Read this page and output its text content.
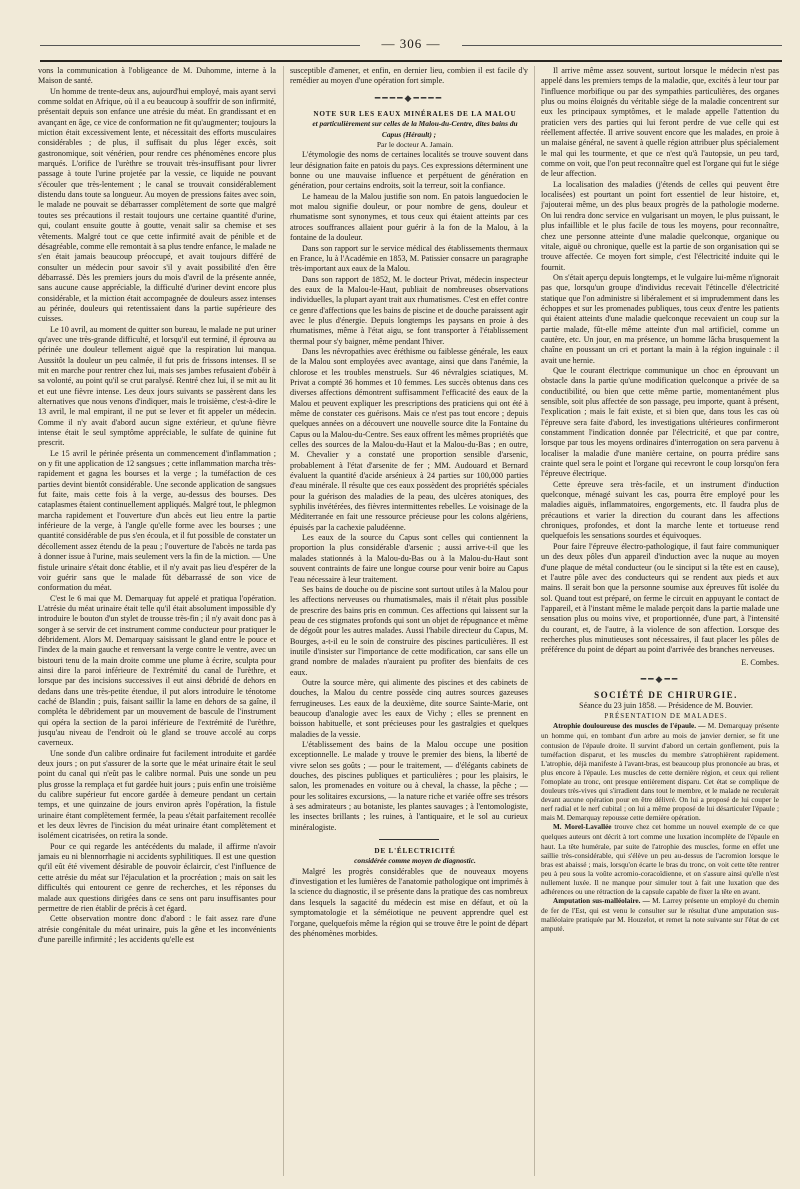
— 306 —

vons la communication à l'obligeance de M. Duhomme, interne à la Maison de santé.

Un homme de trente-deux ans, aujourd'hui employé, mais ayant servi comme soldat en Afrique, où il a eu beaucoup à souffrir de son infirmité, présentait depuis son enfance une atrésie du méat. En grandissant et en avançant en âge, ce vice de conformation ne fit qu'augmenter; toujours la miction était excessivement lente, et nécessitait des efforts musculaires considérables ; de plus, il suffisait du plus léger excès, soit gastronomique, soit vénérien, pour rendre ces phénomènes encore plus marqués. L'orifice de l'urèthre se trouvait très-insuffisant pour livrer passage à toute l'urine projetée par la vessie, ce liquide ne pouvant s'écouler que très-lentement ; le canal se trouvait considérablement distendu dans toute sa longueur. Au moyen de pressions faites avec soin, le malade ne pouvait se débarrasser complètement de sorte que malgré toutes ses précautions il restait toujours une certaine quantité d'urine, qui, coulant ensuite goutte à goutte, venait salir sa chemise et ses vêtements. Malgré tout ce que cette infirmité avait de pénible et de désagréable, comme elle remontait à sa plus tendre enfance, le malade ne s'en était jamais beaucoup préoccupé, et avait toujours différé de consulter un médecin pour savoir s'il y avait possibilité d'en être débarrassé. Dès les premiers jours du mois d'avril de la présente année, sans aucune cause appréciable, la difficulté d'uriner devint encore plus considérable, et la miction était accompagnée de douleurs assez intenses au périnée, douleurs qui retentissaient dans la partie supérieure des cuisses.

Le 10 avril, au moment de quitter son bureau, le malade ne put uriner qu'avec une très-grande difficulté, et lorsqu'il eut terminé, il éprouva au périnée une douleur tellement aiguë que la respiration lui manqua. Aussitôt la douleur un peu calmée, il fut pris de frissons intenses. Il se mit en marche pour rentrer chez lui, mais ses jambes refusaient d'obéir à sa volonté, au point qu'il se crut paralysé. Rentré chez lui, il se mit au lit et eut une fièvre intense. Les deux jours suivants se passèrent dans les alternatives que nous venons d'indiquer, mais le troisième, c'est-à-dire le 13 avril, le mal empirant, il ne put se lever et fit appeler un médecin. Comme il n'y avait d'abord aucun signe extérieur, et qu'une fièvre intense était le seul symptôme appréciable, le sulfate de quinine fut prescrit.

Le 15 avril le périnée présenta un commencement d'inflammation ; on y fit une application de 12 sangsues ; cette inflammation marcha très-rapidement et gagna les bourses et la verge ; la tuméfaction de ces parties devint bientôt considérable. Une seconde application de sangsues fut faite, mais cette fois à la verge, au-dessus des bourses. Des cataplasmes étaient continuellement appliqués. Malgré tout, le phlegmon marcha rapidement et l'ouverture d'un abcès eut lieu entre la partie inférieure de la verge, à l'angle qu'elle forme avec les bourses ; une quantité considérable de pus s'en écoula, et il fut possible de constater un décollement assez étendu de la peau ; l'ouverture de l'abcès ne tarda pas à donner issue à l'urine, mais seulement vers la fin de la miction. — Une fistule urinaire s'était donc établie, et il n'y avait pas lieu d'espérer de la voir guérir sans que le malade fût débarrassé de son vice de conformation du méat.

C'est le 6 mai que M. Demarquay fut appelé et pratiqua l'opération. L'atrésie du méat urinaire était telle qu'il était absolument impossible d'y introduire le bouton d'un stylet de trousse très-fin ; il n'y avait donc pas à songer à se servir de cet instrument comme conducteur pour pratiquer le débridement. Alors M. Demarquay saisissant le gland entre le pouce et l'index de la main gauche et renversant la verge contre le ventre, avec un bistouri tenu de la main droite comme une plume à écrire, sculpta pour ainsi dire la paroi inférieure de l'extrémité du canal de l'urèthre, et lorsque par des incisions successives il eut ainsi débridé de dehors en dedans dans une très-petite étendue, il put alors introduire le ténotome caché de Blandin ; puis, faisant saillir la lame en dehors de sa gaîne, il compléta le débridement par un mouvement de bascule de l'instrument qui opéra la section de la paroi inférieure de l'extrémité de l'urèthre, jusqu'au niveau de l'endroit où le gland se trouve accolé au corps caverneux.

Une sonde d'un calibre ordinaire fut facilement introduite et gardée deux jours ; on put s'assurer de la sorte que le méat urinaire était le seul point du canal qui n'eût pas le calibre normal. Puis une sonde un peu plus grosse la remplaça et fut gardée huit jours ; puis enfin une troisième du calibre supérieur fut encore gardée à demeure pendant un certain temps, et une quinzaine de jours environ après l'opération, la fistule urinaire étant complètement fermée, la peau s'était parfaitement recollée et les deux lèvres de l'incision du méat urinaire étant complètement et isolément cicatrisées, on retira la sonde.

Pour ce qui regarde les antécédents du malade, il affirme n'avoir jamais eu ni blennorrhagie ni accidents syphilitiques. Il est une question qu'il eût été vivement désirable de pouvoir éclaircir, c'est l'influence de cette atrésie du méat sur l'éjaculation et la procréation ; mais on sait les difficultés qui entourent ce genre de recherches, et les réponses du malade aux questions dirigées dans ce sens ont paru insuffisantes pour permettre de rien établir de précis à cet égard.

Cette observation montre donc d'abord : le fait assez rare d'une atrésie congénitale du méat urinaire, puis la gêne et les inconvénients d'une pareille infirmité ; les accidents qu'elle est

susceptible d'amener, et enfin, en dernier lieu, combien il est facile d'y remédier au moyen d'une opération fort simple.

━━━━◆━━━━

NOTE SUR LES EAUX MINÉRALES DE LA MALOU

et particulièrement sur celles de la Malou-du-Centre, dites bains du Capus (Hérault) ;

Par le docteur A. Jamain.

L'étymologie des noms de certaines localités se trouve souvent dans leur désignation faite en patois du pays. Ces expressions déterminent une bonne ou une mauvaise influence et perpétuent de génération en génération, pour certains endroits, soit la terreur, soit la confiance.

Le hameau de la Malou justifie son nom. En patois languedocien le mot malou signifie douleur, or pour nombre de gens, douleur et rhumatisme sont synonymes, et tous ceux qui étaient atteints par ces atroces souffrances allaient pour guérir à la fon de la Malou, à la fontaine de la douleur.

Dans son rapport sur le service médical des établissements thermaux en France, lu à l'Académie en 1853, M. Patissier consacre un paragraphe très-important aux eaux de la Malou.

Dans son rapport de 1852, M. le docteur Privat, médecin inspecteur des eaux de la Malou-le-Haut, publiait de nombreuses observations individuelles, la plupart ayant trait aux rhumatismes. C'est en effet contre ce genre d'affections que les bains de piscine et de douche paraissent agir avec le plus d'énergie. Depuis longtemps les paysans en proie à des rhumatismes, même à l'état aigu, se font transporter à l'établissement thermal pour s'y baigner, même pendant l'hiver.

Dans les névropathies avec éréthisme ou faiblesse générale, les eaux de la Malou sont employées avec avantage, ainsi que dans l'anémie, la chlorose et les troubles menstruels. Sur 46 névralgies sciatiques, M. Privat a compté 36 hommes et 10 femmes. Les succès obtenus dans ces diverses affections démontrent suffisamment l'efficacité des eaux de la Malou et peuvent expliquer les prescriptions des praticiens qui ont été à même de constater ces guérisons. Mais ce n'est pas tout encore ; depuis quelques années on a découvert une nouvelle source dite la Fontaine du Capus ou la Malou-du-Centre. Ses eaux offrent les mêmes propriétés que celles des sources de la Malou-du-Haut et la Malou-du-Bas ; en outre, M. Chevalier y a constaté une proportion sensible d'arsenic, probablement à l'état d'arsenite de fer ; MM. Audouard et Bernard évaluent la quantité d'acide arsénieux à 24 parties sur 100,000 parties d'eau minérale. Il résulte que ces eaux possèdent des propriétés spéciales pour la guérison des maladies de la peau, des ulcères atoniques, des syphilis invétérées, des fièvres intermittentes rebelles. Le voisinage de la Méditerranée en fait une ressource précieuse pour les colons algériens, épuisés par la cachexie paludéenne.

Les eaux de la source du Capus sont celles qui contiennent la proportion la plus considérable d'arsenic ; aussi arrive-t-il que les malades stationnés à la Malou-du-Bas ou à la Malou-du-Haut sont souvent contraints de faire une longue course pour venir boire au Capus l'eau nécessaire à leur traitement.

Ses bains de douche ou de piscine sont surtout utiles à la Malou pour les affections nerveuses ou rhumatismales, mais il n'était plus possible de prescrire des bains pris en commun. Ces affections qui laissent sur la peau de ces stigmates profonds qui sont un objet de répugnance et même de dégoût pour les autres malades. Aussi l'habile directeur du Capus, M. Bourges, a-t-il eu le soin de construire des piscines particulières. Il est inutile d'insister sur l'importance de cette modification, car sans elle un grand nombre de malades n'auraient pu profiter des bienfaits de ces eaux.

Outre la source mère, qui alimente des piscines et des cabinets de douches, la Malou du centre possède cinq autres sources gazeuses ferrugineuses. Les eaux de la deuxième, dite source Sainte-Marie, ont beaucoup d'analogie avec les eaux de Vichy ; elles se prennent en boisson habituelle, et sont précieuses pour les gastralgies et quelques maladies de la vessie.

L'établissement des bains de la Malou occupe une position exceptionnelle. Le malade y trouve le premier des biens, la liberté de vivre selon ses goûts ; — pour le traitement, — d'élégants cabinets de douches, des piscines publiques et particulières ; pour les plaisirs, le salon, les promenades en voiture ou à cheval, la chasse, la pêche ; — pour les solitaires excursions, — la nature riche et variée offre ses trésors à ses admirateurs ; au botaniste, les plantes sauvages ; à l'entomologiste, les insectes brillants ; les ruines, à l'antiquaire, et le sol au curieux minéralogiste.

DE L'ÉLECTRICITÉ

considérée comme moyen de diagnostic.

Malgré les progrès considérables que de nouveaux moyens d'investigation et les lumières de l'anatomie pathologique ont imprimés à la science du diagnostic, il se présente dans la pratique des cas nombreux dans lesquels la sagacité du médecin est mise en défaut, et où la symptomatologie et la séméiotique ne peuvent apprendre quel est l'organe, quelquefois même la région qui se trouve être le point de départ des phénomènes morbides.

Il arrive même assez souvent, surtout lorsque le médecin n'est pas appelé dans les premiers temps de la maladie, que, excités à leur tour par l'influence morbifique ou par des sympathies particulières, des organes plus ou moins éloignés du véritable siége de la maladie concentrent sur eux les principaux symptômes, et le malade appelle l'attention du praticien vers des parties qui lui feront perdre de vue celle qui est réellement affectée. Il arrive souvent encore que les malades, en proie à un malaise général, ne savent à quelle région attribuer plus spécialement le mal qui les tourmente, et que ce n'est qu'à l'autopsie, un peu tard, comme on voit, que l'on peut reconnaître quel est l'organe qui fut le siége de leur affection.

La localisation des maladies (j'étends de celles qui peuvent être localisées) est pourtant un point fort essentiel de leur histoire, et, j'ajouterai même, un des plus beaux progrès de la pathologie moderne. On lui rendra donc service en vulgarisant un moyen, le plus puissant, le plus infaillible et le plus facile de tous les moyens, pour reconnaître, chez une personne atteinte d'une maladie quelconque, organique ou vitale, aiguë ou chronique, quelle est la partie de son organisation qui se trouve affectée. Ce moyen fort simple, c'est l'électricité induite qui le fournit.

On s'était aperçu depuis longtemps, et le vulgaire lui-même n'ignorait pas que, lorsqu'un groupe d'individus recevait l'étincelle d'électricité statique que l'on administre si libéralement et si imprudemment dans les échoppes et sur les promenades publiques, tous ceux d'entre les patients qui étaient atteints d'une maladie quelconque recevaient un coup sur la partie malade, fût-elle même atteinte d'un mal artificiel, comme un cautère, etc. Un jour, en ma présence, un homme lâcha brusquement la chaîne en poussant un cri et portant la main à la région inguinale : il avait une hernie.

Que le courant électrique communique un choc en éprouvant un obstacle dans la partie qu'une modification quelconque a privée de sa conductibilité, ou bien que cette même partie, momentanément plus sensible, soit plus affectée de son passage, peu importe, quant à présent, l'explication ; mais le fait existe, et si bien que, dans tous les cas où l'épreuve sera faite d'abord, les investigations ultérieures confirmeront constamment l'indication donnée par l'électricité, et que par contre, lorsque par tous les moyens ordinaires d'interrogation on sera parvenu à localiser la maladie d'une manière certaine, on pourra prédire sans crainte quel sera le point et l'organe qui recevront le coup lorsqu'on fera l'épreuve électrique.

Cette épreuve sera très-facile, et un instrument d'induction quelconque, ménagé suivant les cas, pourra être employé pour les maladies aiguës, inflammatoires, engorgements, etc. Il faudra plus de précautions et varier la direction du courant dans les affections chroniques, profondes, et dont la marche lente et tortueuse rend quelquefois les sensations sourdes et équivoques.

Pour faire l'épreuve électro-pathologique, il faut faire communiquer un des deux pôles d'un appareil d'induction avec la nuque au moyen d'une plaque de métal conducteur (ou le sinciput si la tête est en cause), et l'autre pôle avec des conducteurs qui se rendent aux pieds et aux mains. Il serait bon que la personne soumise aux épreuves fût isolée du sol. Quand tout est préparé, on ferme le circuit en appuyant le contact de l'appareil, et à l'instant même le malade perçoit dans la partie malade une sensation plus ou moins vive, et proportionnée, d'une part, à l'intensité du courant, et, de l'autre, à la violence de son affection. Lorsque des recherches plus minutieuses sont nécessaires, il faut placer les pôles de préférence du point de départ au point d'arrivée des branches nerveuses.

E. Combes.

━━◆━━

SOCIÉTÉ DE CHIRURGIE.

Séance du 23 juin 1858. — Présidence de M. Bouvier.

PRÉSENTATION DE MALADES.

Atrophie douloureuse des muscles de l'épaule. — M. Demarquay présente un homme qui, en tombant d'un arbre au mois de janvier dernier, se fit une contusion de l'épaule droite. Il survint d'abord un certain gonflement, puis la tuméfaction disparut, et les muscles du membre s'atrophièrent rapidement. L'atrophie, déjà manifeste à l'avant-bras, est beaucoup plus prononcée au bras, et plus encore à l'épaule. Les muscles de cette dernière région, et ceux qui relient l'omoplate au tronc, ont presque entièrement disparu. Cet état se complique de douleurs très-vives qui s'irradient dans tout le membre, et le malade ne reculerait devant aucune opération pour en être délivré. On lui a proposé de lui couper le nerf radial et le nerf cubital ; on lui a même proposé de lui désarticuler l'épaule ; mais M. Demarquay repousse cette dernière opération.

M. Morel-Lavallée trouve chez cet homme un nouvel exemple de ce que quelques auteurs ont décrit à tort comme une luxation incomplète de l'épaule en haut. La tête humérale, par suite de l'atrophie des muscles, forme en effet une saillie très-considérable, qui s'élève un peu au-dessus de l'acromion lorsque le bras est abaissé ; mais, lorsqu'on écarte le bras du tronc, on voit cette tête rentrer peu à peu sous la voûte acromio-coracoïdienne, et on s'assure ainsi qu'elle n'est nullement luxée. Il ne manque pour simuler tout à fait une luxation que des adhérences ou une rétraction de la capsule capable de fixer la tête en avant.

Amputation sus-malléolaire. — M. Larrey présente un employé du chemin de fer de l'Est, qui est venu le consulter sur le résultat d'une amputation sus-malléolaire pratiquée par M. Houzelot, et remet la note suivante sur l'état de cet amputé.
